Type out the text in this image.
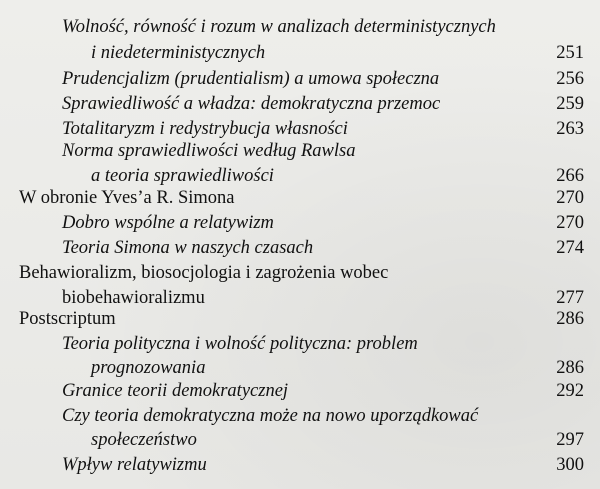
Wolność, równość i rozum w analizach deterministycznych
i niedeterministycznych	251
Prudencjalizm (prudentialism) a umowa społeczna	256
Sprawiedliwość a władza: demokratyczna przemoc	259
Totalitaryzm i redystrybucja własności	263
Norma sprawiedliwości według Rawlsa
a teoria sprawiedliwości	266
W obronie Yves’a R. Simona	270
Dobro wspólne a relatywizm	270
Teoria Simona w naszych czasach	274
Behawioralizm, biosocjologia i zagrożenia wobec
biobehawioralizmu	277
Postscriptum	286
Teoria polityczna i wolność polityczna: problem
prognozowania	286
Granice teorii demokratycznej	292
Czy teoria demokratyczna może na nowo uporządkować
społeczeństwo	297
Wpływ relatywizmu	300
